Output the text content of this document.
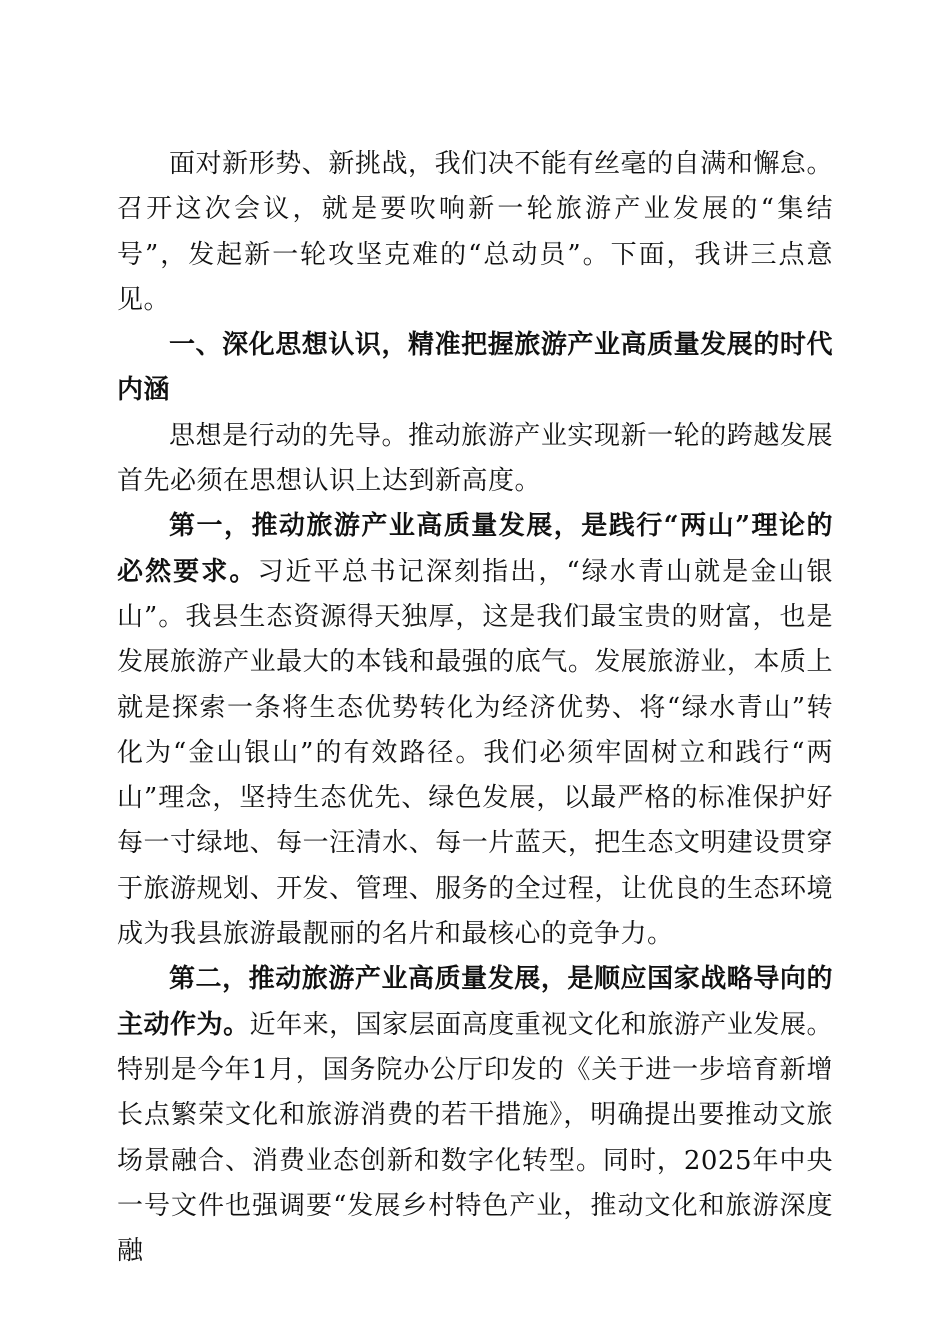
面对新形势、新挑战，我们决不能有丝毫的自满和懈怠。召开这次会议，就是要吹响新一轮旅游产业发展的“集结号”，发起新一轮攻坚克难的“总动员”。下面，我讲三点意见。

一、深化思想认识，精准把握旅游产业高质量发展的时代内涵

思想是行动的先导。推动旅游产业实现新一轮的跨越发展首先必须在思想认识上达到新高度。

第一，推动旅游产业高质量发展，是践行“两山”理论的必然要求。习近平总书记深刻指出，“绿水青山就是金山银山”。我县生态资源得天独厚，这是我们最宝贵的财富，也是发展旅游产业最大的本钱和最强的底气。发展旅游业，本质上就是探索一条将生态优势转化为经济优势、将“绿水青山”转化为“金山银山”的有效路径。我们必须牢固树立和践行“两山”理念，坚持生态优先、绿色发展，以最严格的标准保护好每一寸绿地、每一汪清水、每一片蓝天，把生态文明建设贯穿于旅游规划、开发、管理、服务的全过程，让优良的生态环境成为我县旅游最靓丽的名片和最核心的竞争力。

第二，推动旅游产业高质量发展，是顺应国家战略导向的主动作为。近年来，国家层面高度重视文化和旅游产业发展。特别是今年1月，国务院办公厅印发的《关于进一步培育新增长点繁荣文化和旅游消费的若干措施》，明确提出要推动文旅场景融合、消费业态创新和数字化转型。同时，2025年中央一号文件也强调要“发展乡村特色产业，推动文化和旅游深度融
